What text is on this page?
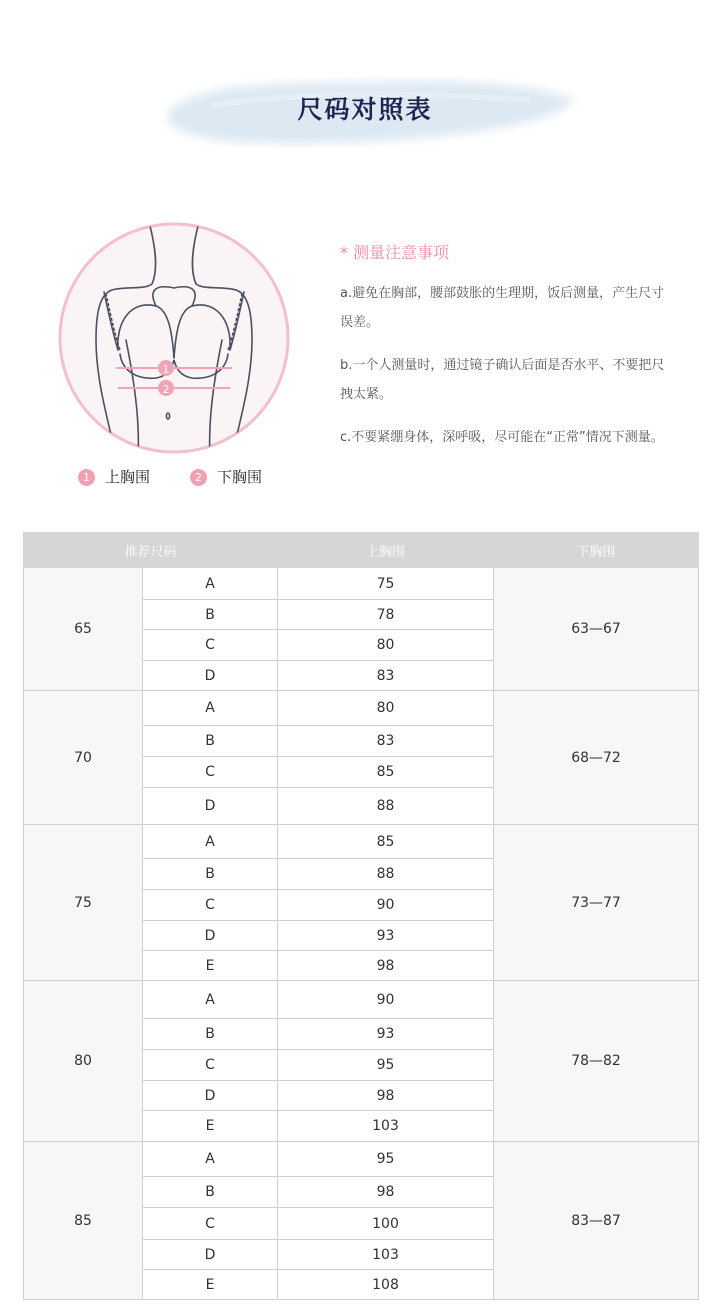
尺码对照表
1
2
1 上胸围	2 下胸围
* 测量注意事项

a.避免在胸部，腰部鼓胀的生理期，饭后测量，产生尺寸误差。

b.一个人测量时，通过镜子确认后面是否水平、不要把尺拽太紧。

c.不要紧绷身体，深呼吸，尽可能在“正常”情况下测量。

推荐尺码		上胸围	下胸围
65	A	75	63—67
	B	78	
	C	80	
	D	83	
70	A	80	68—72
	B	83	
	C	85	
	D	88	
75	A	85	73—77
	B	88	
	C	90	
	D	93	
	E	98	
80	A	90	78—82
	B	93	
	C	95	
	D	98	
	E	103	
85	A	95	83—87
	B	98	
	C	100	
	D	103	
	E	108	
